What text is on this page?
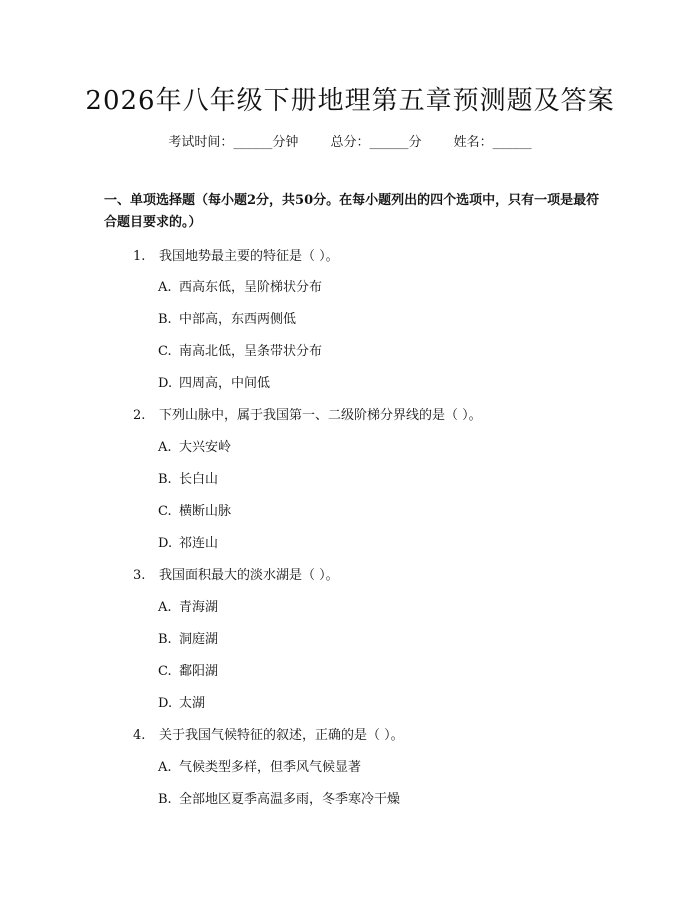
2026年八年级下册地理第五章预测题及答案
考试时间：______分钟 总分：______分 姓名：______

一、单项选择题（每小题2分，共50分。在每小题列出的四个选项中，只有一项是最符合题目要求的。）

1. 我国地势最主要的特征是（ ）。
A. 西高东低，呈阶梯状分布
B. 中部高，东西两侧低
C. 南高北低，呈条带状分布
D. 四周高，中间低
2. 下列山脉中，属于我国第一、二级阶梯分界线的是（ ）。
A. 大兴安岭
B. 长白山
C. 横断山脉
D. 祁连山
3. 我国面积最大的淡水湖是（ ）。
A. 青海湖
B. 洞庭湖
C. 鄱阳湖
D. 太湖
4. 关于我国气候特征的叙述，正确的是（ ）。
A. 气候类型多样，但季风气候显著
B. 全部地区夏季高温多雨，冬季寒冷干燥
